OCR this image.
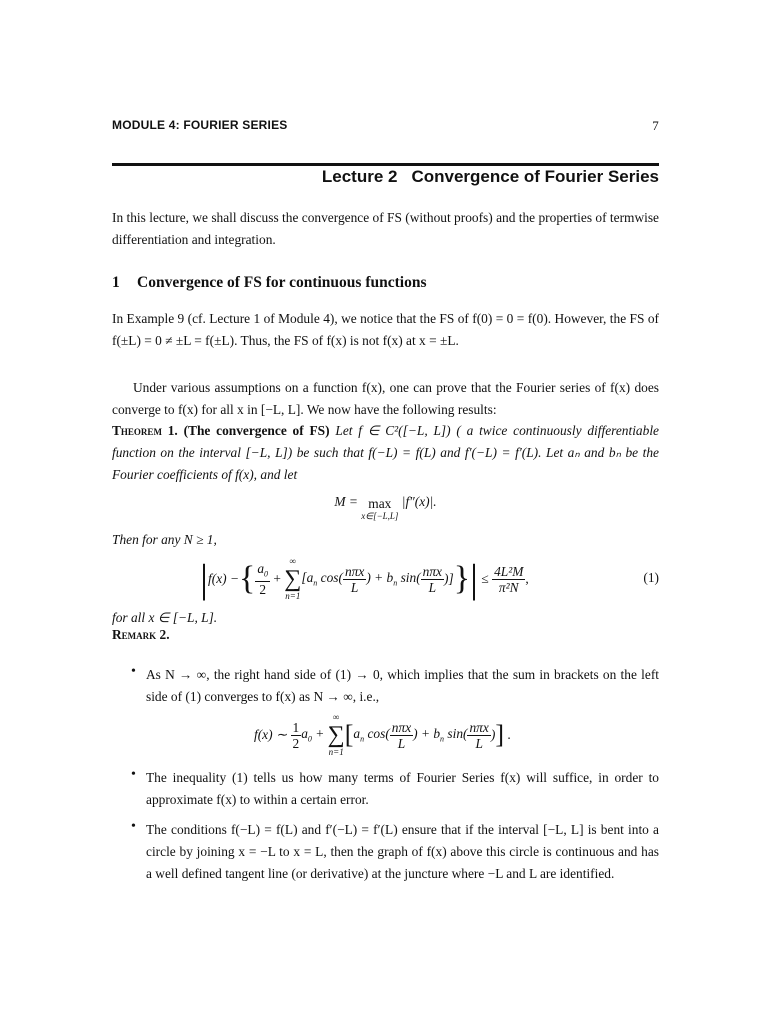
MODULE 4: FOURIER SERIES	7
Lecture 2 Convergence of Fourier Series
In this lecture, we shall discuss the convergence of FS (without proofs) and the properties of termwise differentiation and integration.
1 Convergence of FS for continuous functions
In Example 9 (cf. Lecture 1 of Module 4), we notice that the FS of f(0) = 0 = f(0). However, the FS of f(±L) = 0 ≠ ±L = f(±L). Thus, the FS of f(x) is not f(x) at x = ±L.
Under various assumptions on a function f(x), one can prove that the Fourier series of f(x) does converge to f(x) for all x in [−L, L]. We now have the following results:
Theorem 1. (The convergence of FS) Let f ∈ C²([−L, L]) ( a twice continuously differentiable function on the interval [−L, L]) be such that f(−L) = f(L) and f′(−L) = f′(L). Let aₙ and bₙ be the Fourier coefficients of f(x), and let
M = max
x∈[−L,L]
|f″(x)|.
Then for any N ≥ 1,
|f(x) −{ $\frac{a_0}{2}$ +
∞
∑
n=1
[$a_n$ $\cos( \frac{\text{nπx}}{L}$ ) + $b_n$ $\sin( \frac{\text{nπx}}{L}$ )]}| ≤ $\frac{\text{4L²M}}{\text{π²N}}$ ,	(1)
for all x ∈ [−L, L].
Remark 2.
• As N → ∞, the right hand side of (1) → 0, which implies that the sum in brackets on the left side of (1) converges to f(x) as N → ∞, i.e.,
f(x) ∼ $\frac{1}{2} a_0$ +
∞
∑
n=1
[$a_n$ $\cos( \frac{\text{nπx}}{L}$ ) + $b_n$ $\sin( \frac{\text{nπx}}{L}$ )] .
• The inequality (1) tells us how many terms of Fourier Series f(x) will suffice, in order to approximate f(x) to within a certain error.
• The conditions f(−L) = f(L) and f′(−L) = f′(L) ensure that if the interval [−L, L] is bent into a circle by joining x = −L to x = L, then the graph of f(x) above this circle is continuous and has a well defined tangent line (or derivative) at the juncture where −L and L are identified.
